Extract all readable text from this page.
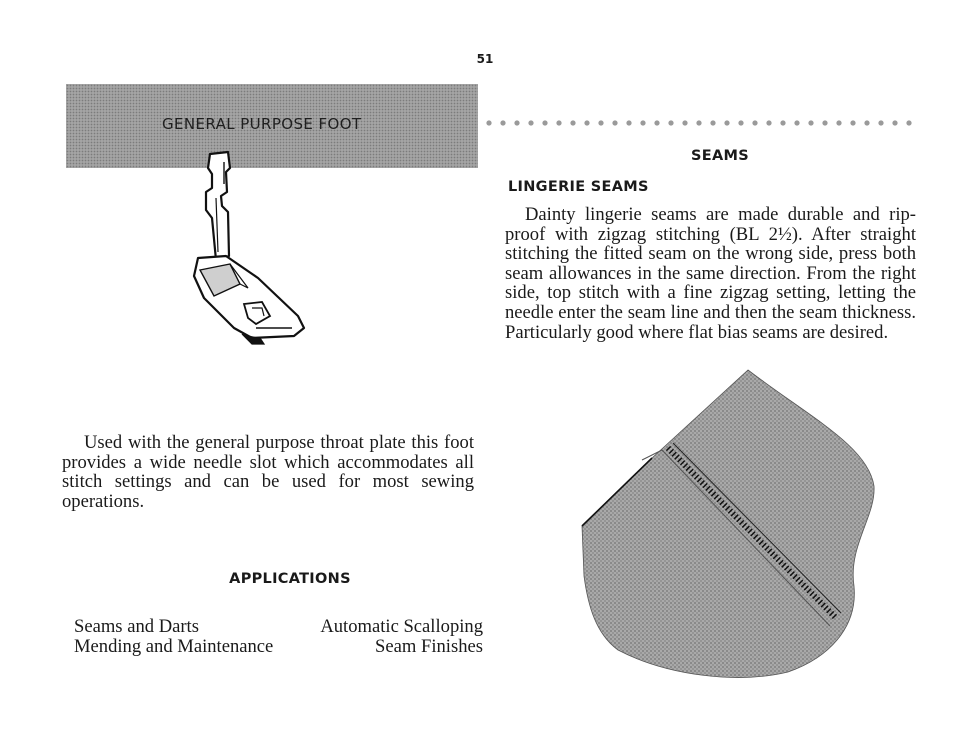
51
GENERAL PURPOSE FOOT

Used with the general purpose throat plate this foot provides a wide needle slot which accommodates all stitch settings and can be used for most sewing operations.

APPLICATIONS
Seams and Darts
Mending and Maintenance
Automatic Scalloping
Seam Finishes
SEAMS
LINGERIE SEAMS

Dainty lingerie seams are made durable and rip-proof with zigzag stitching (BL 2½). After straight stitching the fitted seam on the wrong side, press both seam allowances in the same direction. From the right side, top stitch with a fine zigzag setting, letting the needle enter the seam line and then the seam thickness. Particularly good where flat bias seams are desired.
